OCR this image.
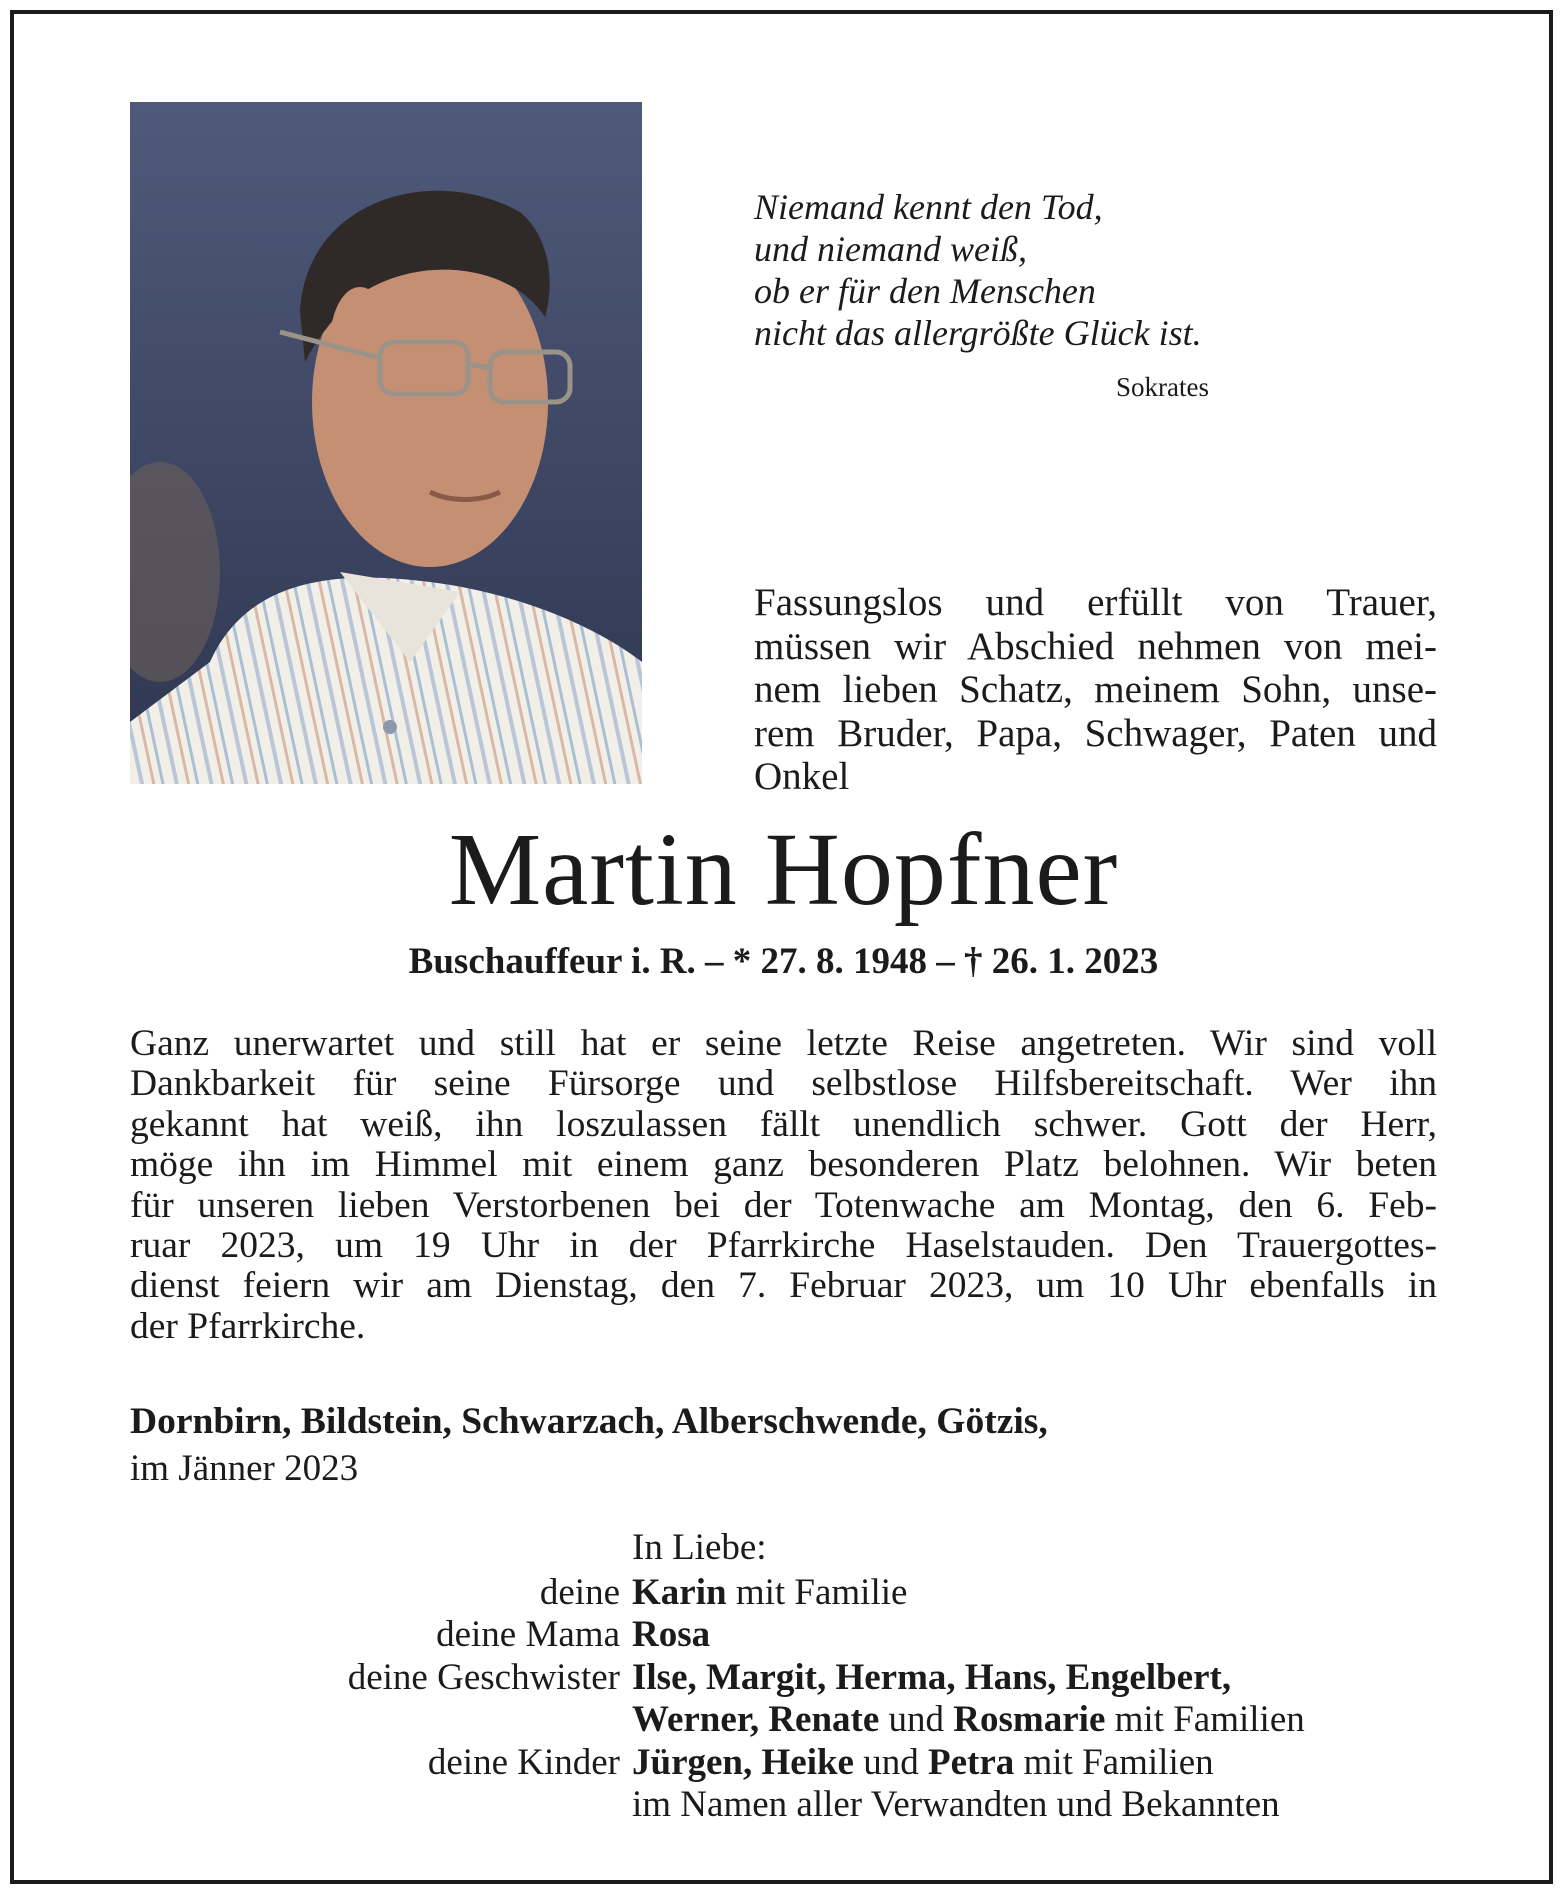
Niemand kennt den Tod,
und niemand weiß,
ob er für den Menschen
nicht das allergrößte Glück ist.
Sokrates
Fassungslos und erfüllt von Trauer,
müssen wir Abschied nehmen von mei-
nem lieben Schatz, meinem Sohn, unse-
rem Bruder, Papa, Schwager, Paten und
Onkel
Martin Hopfner
Buschauffeur i. R. – * 27. 8. 1948 – † 26. 1. 2023
Ganz unerwartet und still hat er seine letzte Reise angetreten. Wir sind voll
Dankbarkeit für seine Fürsorge und selbstlose Hilfsbereitschaft. Wer ihn
gekannt hat weiß, ihn loszulassen fällt unendlich schwer. Gott der Herr,
möge ihn im Himmel mit einem ganz besonderen Platz belohnen. Wir beten
für unseren lieben Verstorbenen bei der Totenwache am Montag, den 6. Feb-
ruar 2023, um 19 Uhr in der Pfarrkirche Haselstauden. Den Trauergottes-
dienst feiern wir am Dienstag, den 7. Februar 2023, um 10 Uhr ebenfalls in
der Pfarrkirche.
Dornbirn, Bildstein, Schwarzach, Alberschwende, Götzis,
im Jänner 2023
In Liebe:
deine Karin mit Familie
deine Mama Rosa
deine Geschwister Ilse, Margit, Herma, Hans, Engelbert,
Werner, Renate und Rosmarie mit Familien
deine Kinder Jürgen, Heike und Petra mit Familien
im Namen aller Verwandten und Bekannten
